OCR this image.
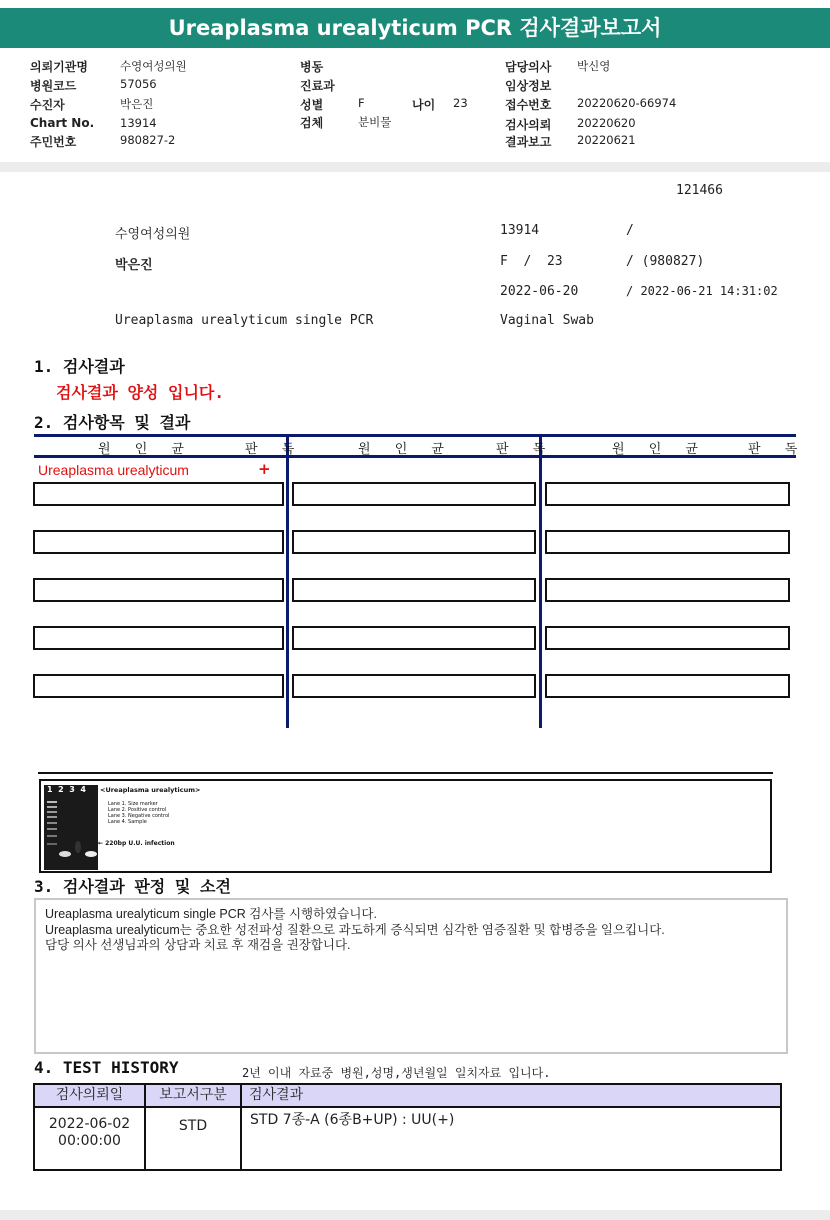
Ureaplasma urealyticum PCR 검사결과보고서
의뢰기관명	수영여성의원
병원코드	57056
수진자	박은진
Chart No. 13914
주민번호	980827-2
병동
진료과
성별	F	나이 23
검체	분비물
담당의사 박신영
임상정보
접수번호 20220620-66974
검사의뢰 20220620
결과보고 20220621
121466
수영여성의원	13914	/
박은진	F  /  23	/ (980827)
2022-06-20	/ 2022-06-21 14:31:02
Ureaplasma urealyticum single PCR	Vaginal Swab
1. 검사결과
검사결과 양성 입니다.
2. 검사항목 및 결과
원 인 균	판 독	원 인 균	판 독	원 인 균	판 독
Ureaplasma urealyticum	+
1  2  3  4 <Ureaplasma urealyticum>
Lane 1. Size marker
Lane 2. Positive control
Lane 3. Negative control
Lane 4. Sample
← 220bp U.U. infection
3. 검사결과 판정 및 소견
Ureaplasma urealyticum single PCR 검사를 시행하였습니다.
Ureaplasma urealyticum는 중요한 성전파성 질환으로 과도하게 증식되면 심각한 염증질환 및 합병증을 일으킵니다.
담당 의사 선생님과의 상담과 치료 후 재검을 권장합니다.
4. TEST HISTORY	2년 이내 자료중 병원,성명,생년월일 일치자료 입니다.
검사의뢰일	보고서구분	검사결과
2022-06-02
00:00:00
STD	STD 7종-A (6종B+UP) : UU(+)
